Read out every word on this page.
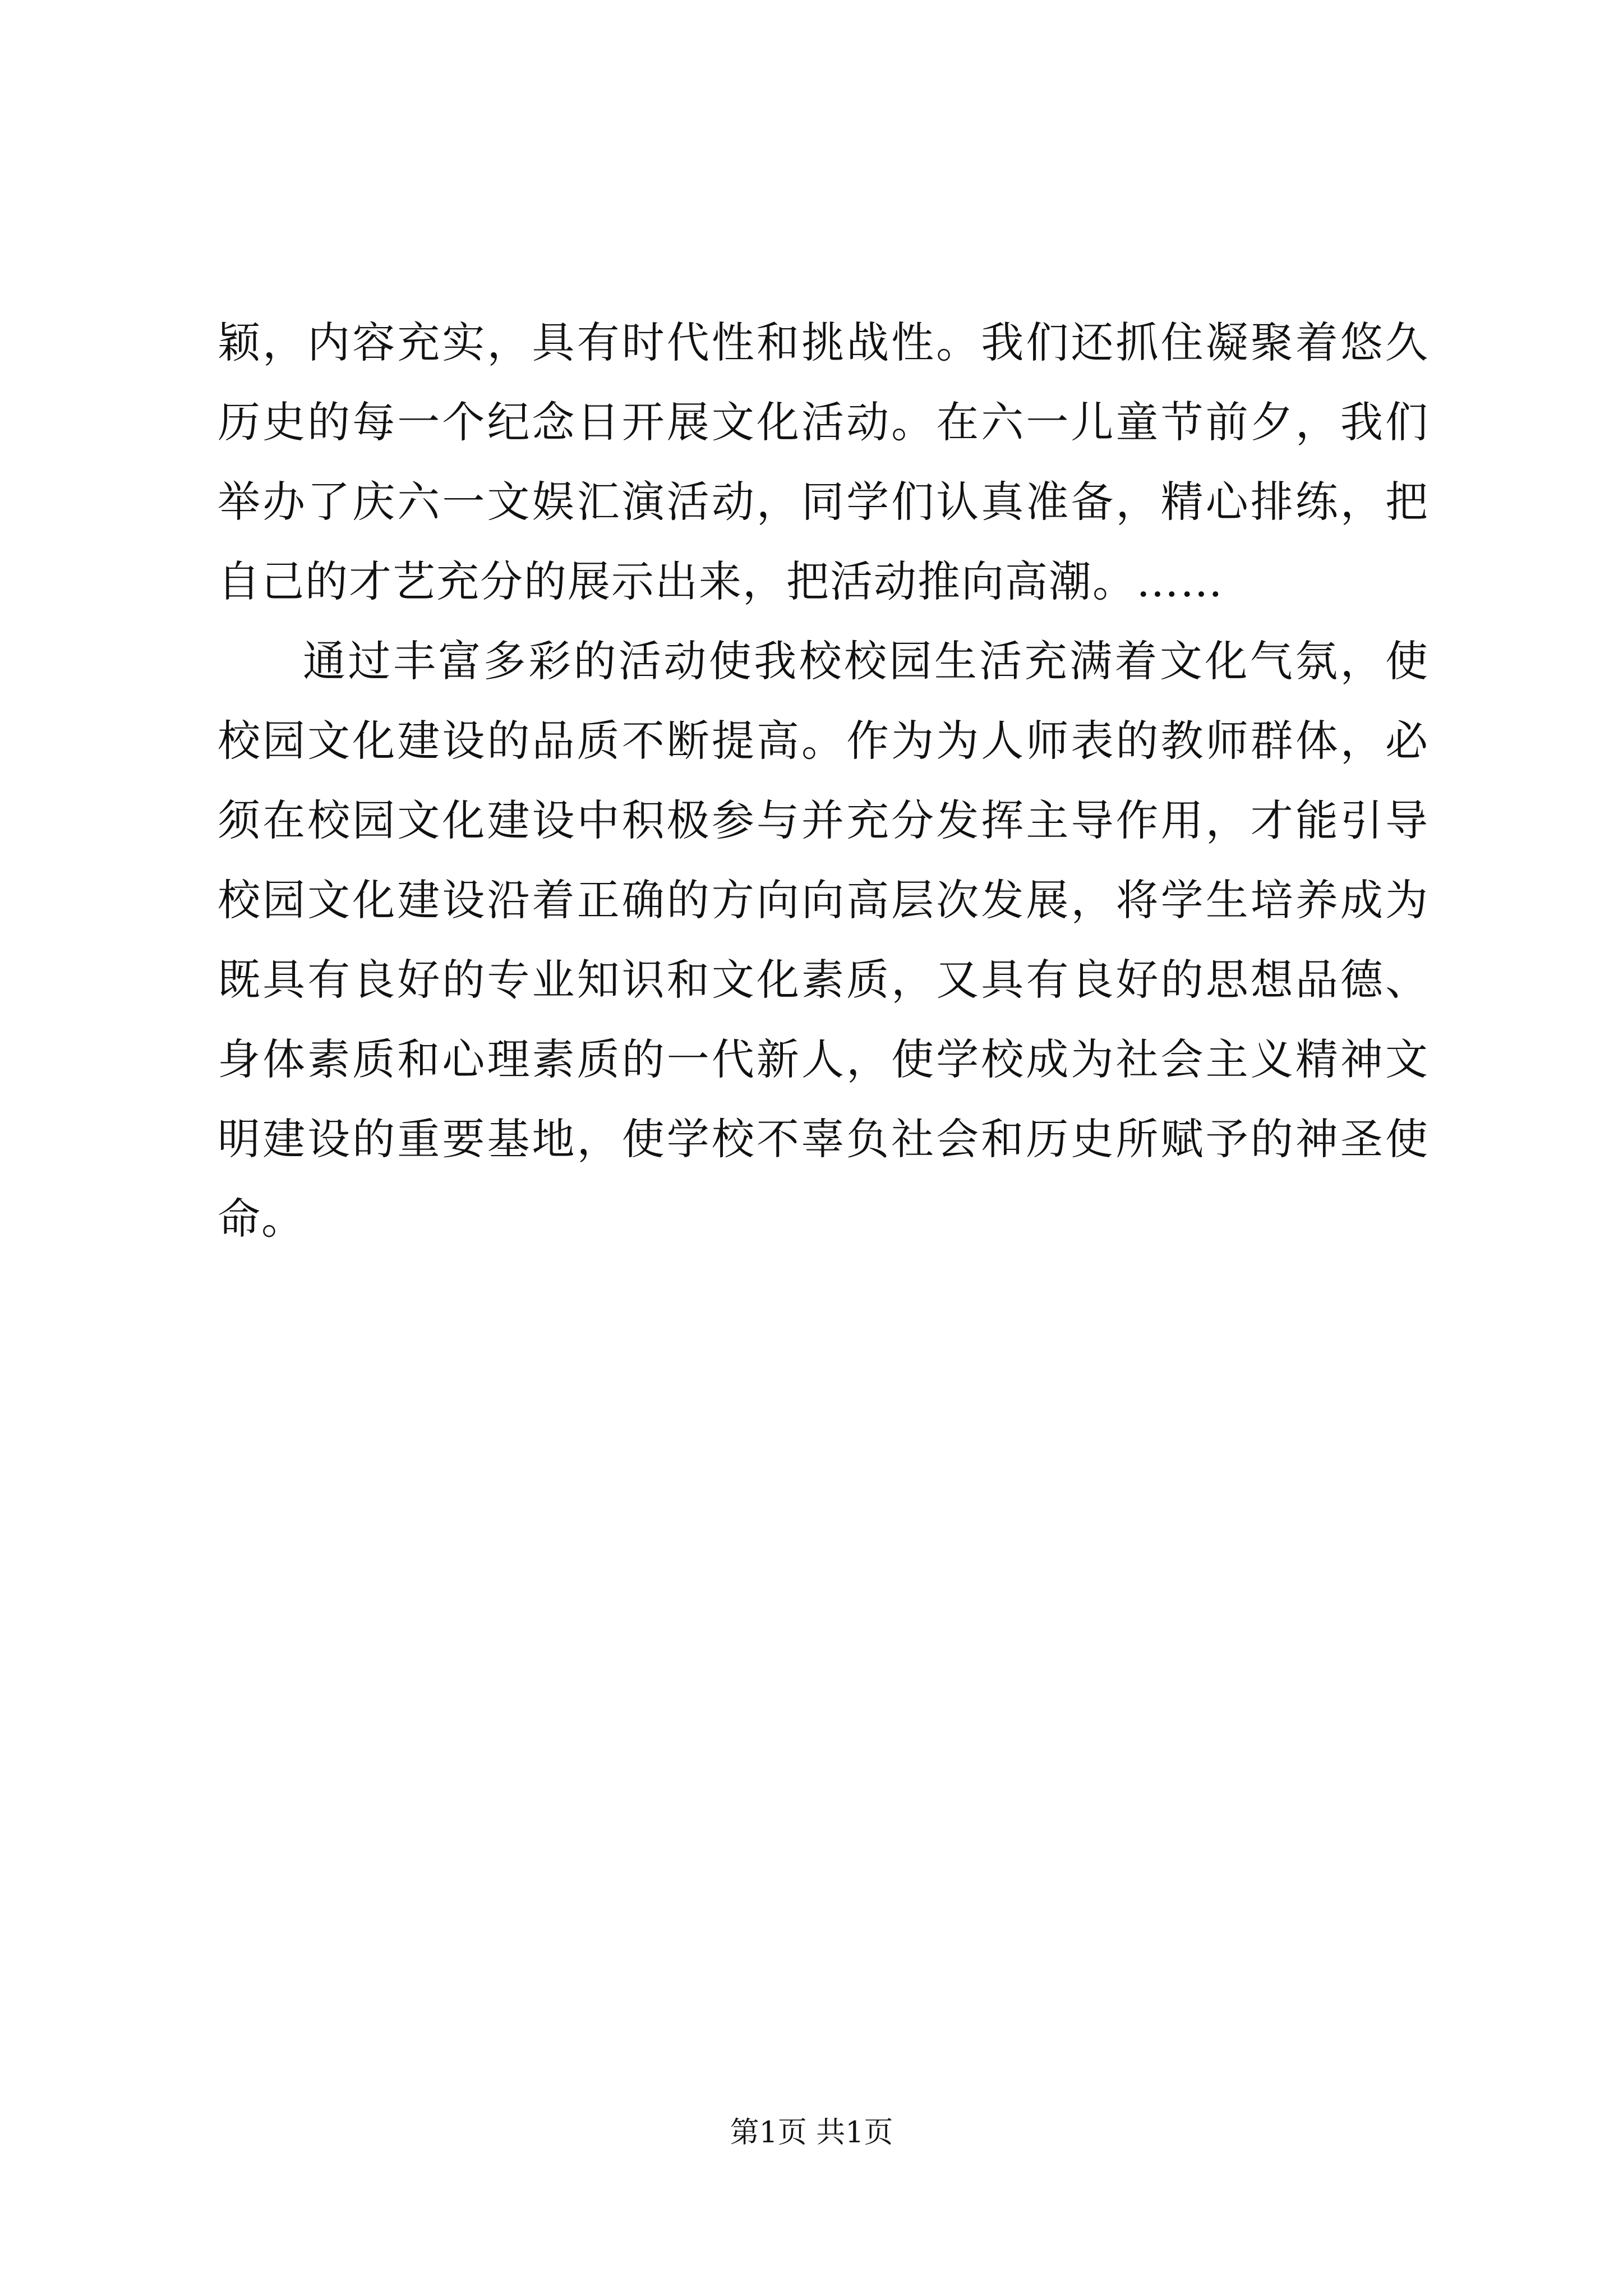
颖，内容充实，具有时代性和挑战性。我们还抓住凝聚着悠久历史的每一个纪念日开展文化活动。在六一儿童节前夕，我们举办了庆六一文娱汇演活动，同学们认真准备，精心排练，把自己的才艺充分的展示出来，把活动推向高潮。……

通过丰富多彩的活动使我校校园生活充满着文化气氛，使校园文化建设的品质不断提高。作为为人师表的教师群体，必须在校园文化建设中积极参与并充分发挥主导作用，才能引导校园文化建设沿着正确的方向向高层次发展，将学生培养成为既具有良好的专业知识和文化素质，又具有良好的思想品德、身体素质和心理素质的一代新人，使学校成为社会主义精神文明建设的重要基地，使学校不辜负社会和历史所赋予的神圣使命。

第1页 共1页
